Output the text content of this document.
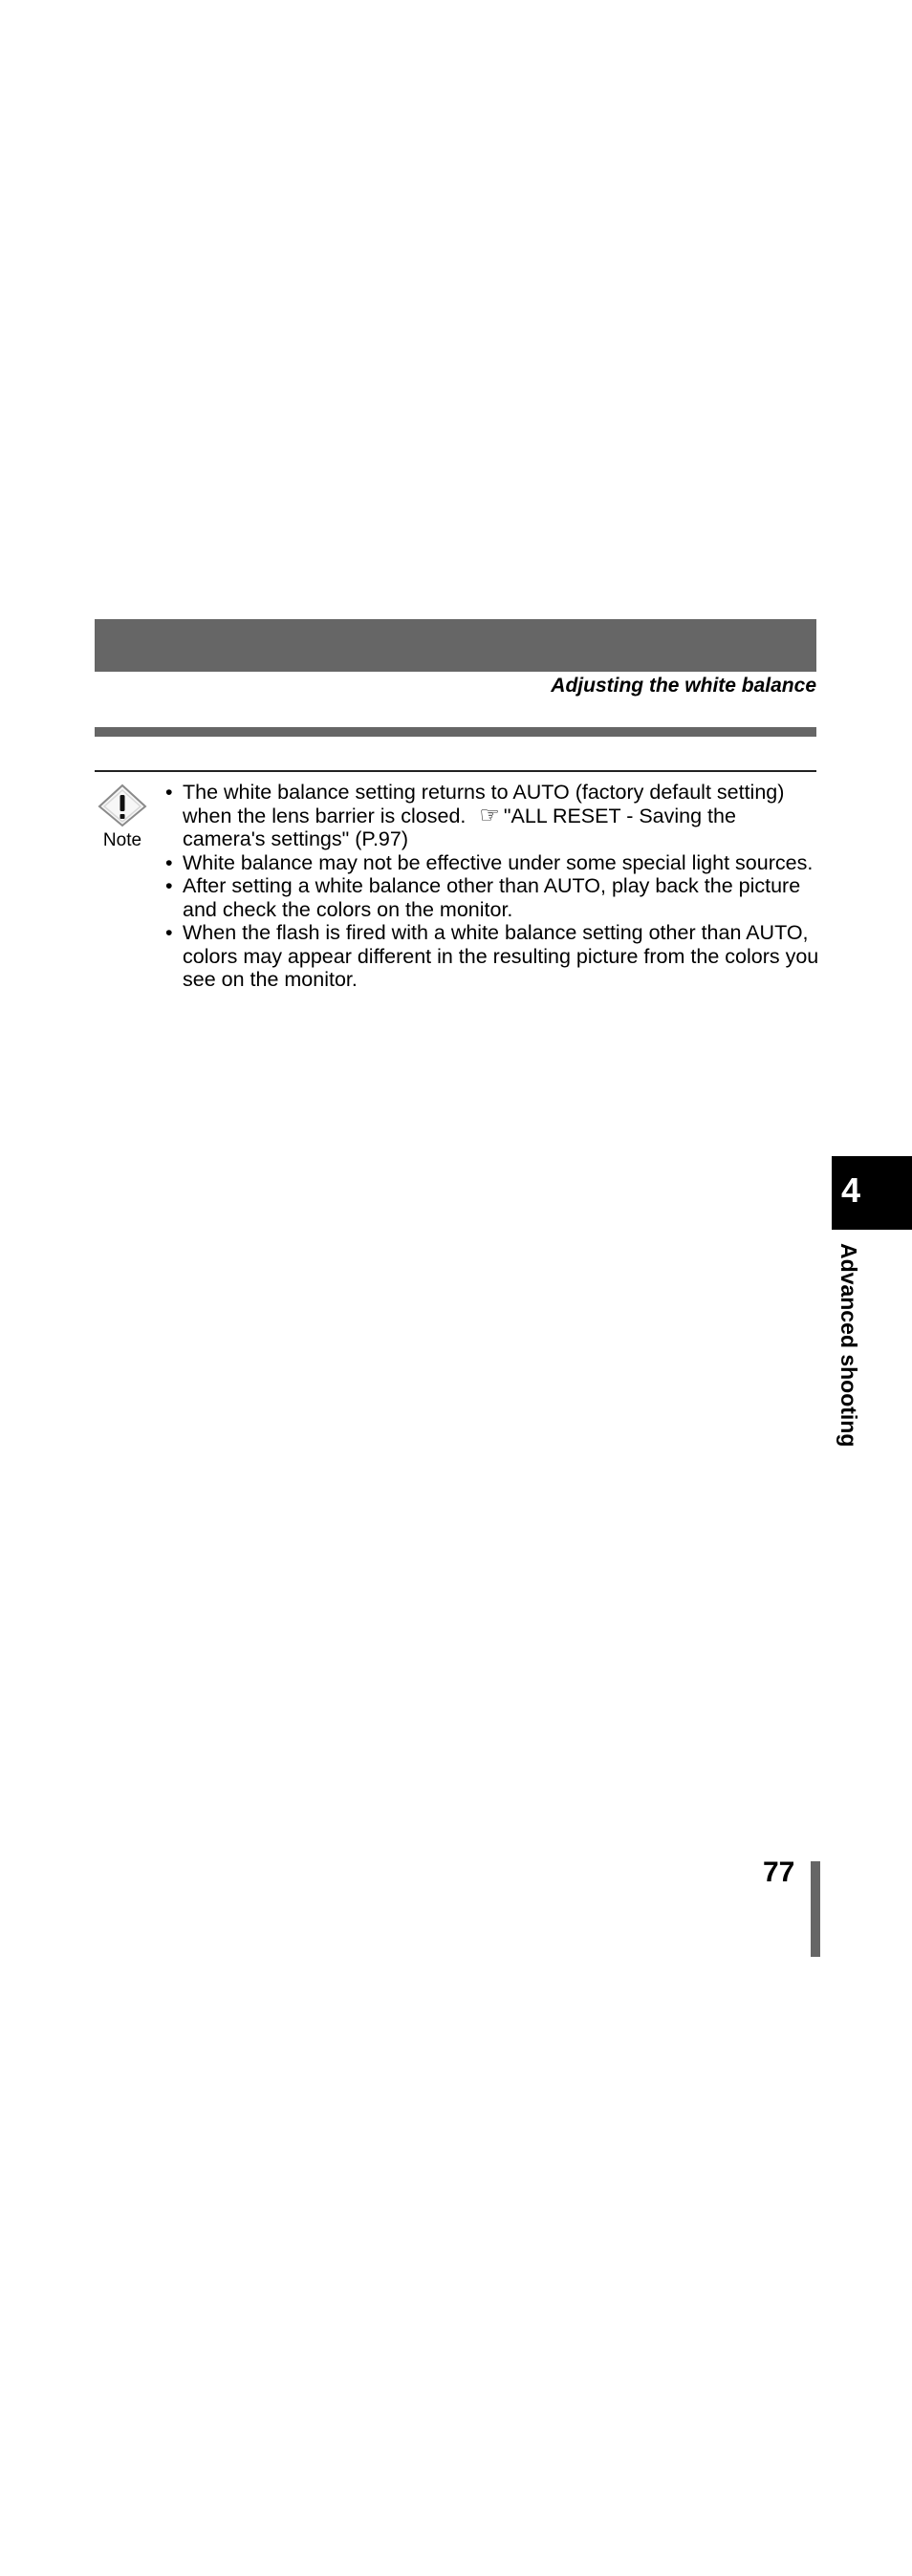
Adjusting the white balance
Note
• The white balance setting returns to AUTO (factory default setting) when the lens barrier is closed. ☞ "ALL RESET - Saving the camera's settings" (P.97)
• White balance may not be effective under some special light sources.
• After setting a white balance other than AUTO, play back the picture and check the colors on the monitor.
• When the flash is fired with a white balance setting other than AUTO, colors may appear different in the resulting picture from the colors you see on the monitor.
4
Advanced shooting
77
